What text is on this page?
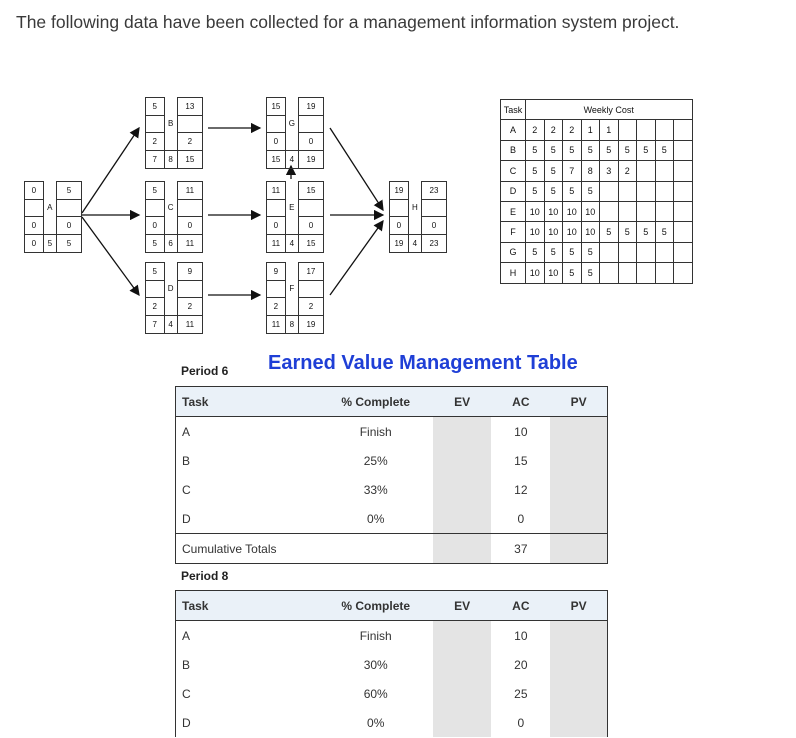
The following data have been collected for a management information system project.
0		5
	A	
0		0
0	5	5
5		13
	B	
2		2
7	8	15
5		11
	C	
0		0
5	6	11
5		9
	D	
2		2
7	4	11
15		19
	G	
0		0
15	4	19
11		15
	E	
0		0
11	4	15
9		17
	F	
2		2
11	8	19
19		23
	H	
0		0
19	4	23
Task	Weekly Cost								
A	2	2	2	1	1				
B	5	5	5	5	5	5	5	5	
C	5	5	7	8	3	2			
D	5	5	5	5					
E	10	10	10	10					
F	10	10	10	10	5	5	5	5	
G	5	5	5	5					
H	10	10	5	5					
Earned Value Management Table
Period 6
Task	% Complete	EV	AC	PV
A	Finish		10	
B	25%		15	
C	33%		12	
D	0%		0	
Cumulative Totals			37	
Period 8
Task	% Complete	EV	AC	PV
A	Finish		10	
B	30%		20	
C	60%		25	
D	0%		0	
